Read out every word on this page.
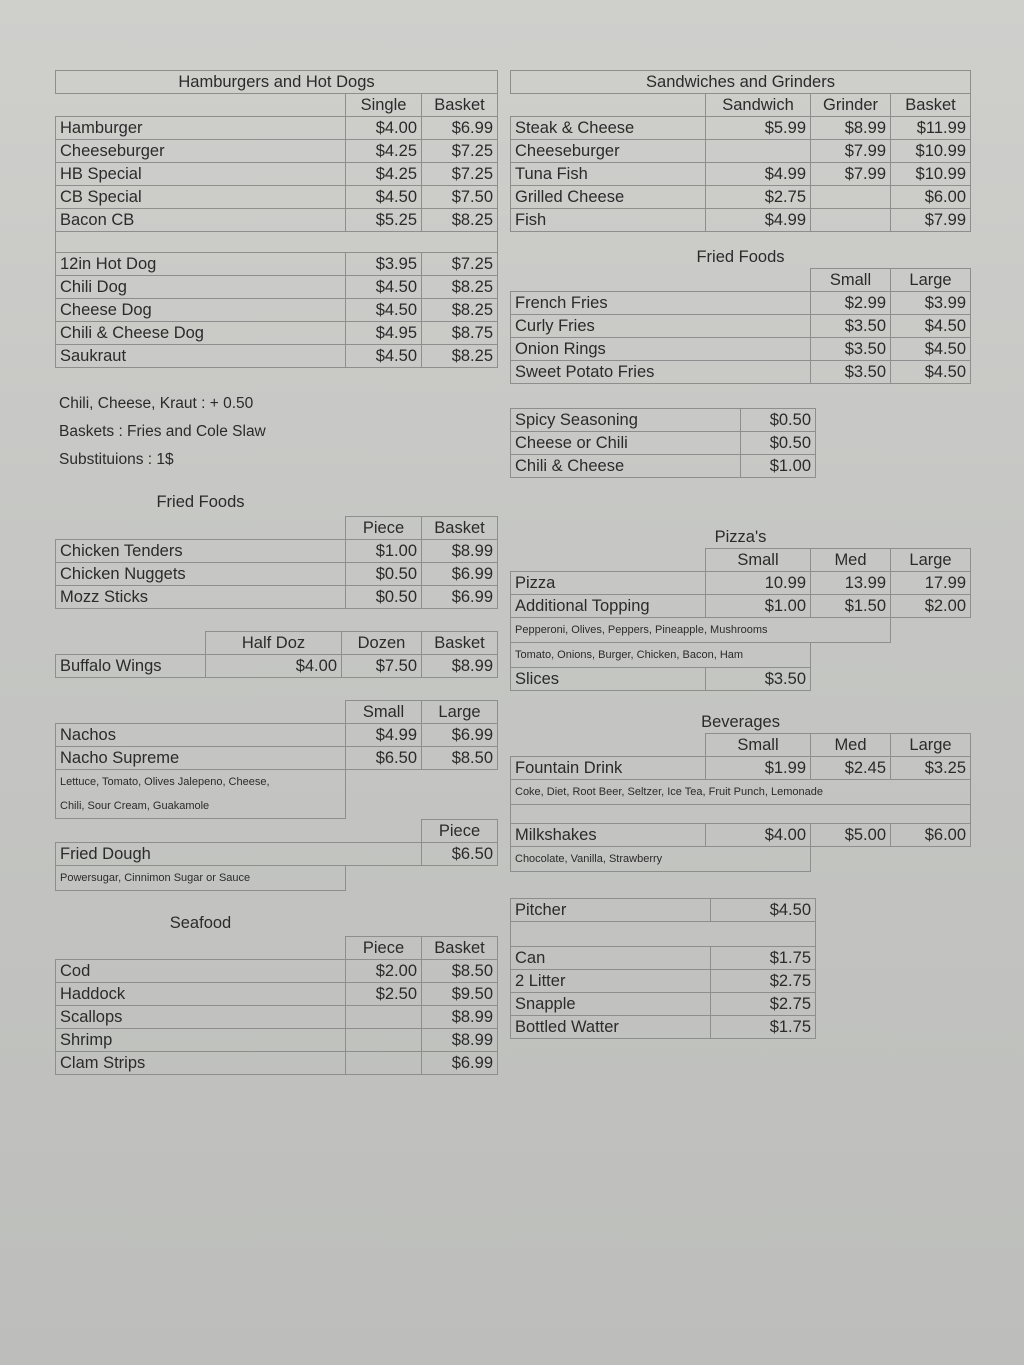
Hamburgers and Hot Dogs		
	Single	Basket
Hamburger	$4.00	$6.99
Cheeseburger	$4.25	$7.25
HB Special	$4.25	$7.25
CB Special	$4.50	$7.50
Bacon CB	$5.25	$8.25

12in Hot Dog	$3.95	$7.25
Chili Dog	$4.50	$8.25
Cheese Dog	$4.50	$8.25
Chili & Cheese Dog	$4.95	$8.75
Saukraut	$4.50	$8.25
Chili, Cheese, Kraut : + 0.50
Baskets : Fries and Cole Slaw
Substituions : 1$
Fried Foods		
	Piece	Basket
Chicken Tenders	$1.00	$8.99
Chicken Nuggets	$0.50	$6.99
Mozz Sticks	$0.50	$6.99
	Half Doz	Dozen	Basket
Buffalo Wings	$4.00	$7.50	$8.99
	Small	Large
Nachos	$4.99	$6.99
Nacho Supreme	$6.50	$8.50
Lettuce, Tomato, Olives Jalepeno, Cheese,		
Chili, Sour Cream, Guakamole		
		Piece
Fried Dough		$6.50
Powersugar, Cinnimon Sugar or Sauce		
Seafood		
	Piece	Basket
Cod	$2.00	$8.50
Haddock	$2.50	$9.50
Scallops		$8.99
Shrimp		$8.99
Clam Strips		$6.99
Sandwiches and Grinders			
	Sandwich	Grinder	Basket
Steak & Cheese	$5.99	$8.99	$11.99
Cheeseburger		$7.99	$10.99
Tuna Fish	$4.99	$7.99	$10.99
Grilled Cheese	$2.75		$6.00
Fish	$4.99		$7.99
Fried Foods		
	Small	Large
French Fries	$2.99	$3.99
Curly Fries	$3.50	$4.50
Onion Rings	$3.50	$4.50
Sweet Potato Fries	$3.50	$4.50
Spicy Seasoning	$0.50
Cheese or Chili	$0.50
Chili & Cheese	$1.00
Pizza's			
	Small	Med	Large
Pizza	10.99	13.99	17.99
Additional Topping	$1.00	$1.50	$2.00
Pepperoni, Olives, Peppers, Pineapple, Mushrooms			
Tomato, Onions, Burger, Chicken, Bacon, Ham			
Slices	$3.50		
Beverages			
	Small	Med	Large
Fountain Drink	$1.99	$2.45	$3.25
Coke, Diet, Root Beer, Seltzer, Ice Tea, Fruit Punch, Lemonade			

Milkshakes	$4.00	$5.00	$6.00
Chocolate, Vanilla, Strawberry			
Pitcher	$4.50

Can	$1.75
2 Litter	$2.75
Snapple	$2.75
Bottled Watter	$1.75
